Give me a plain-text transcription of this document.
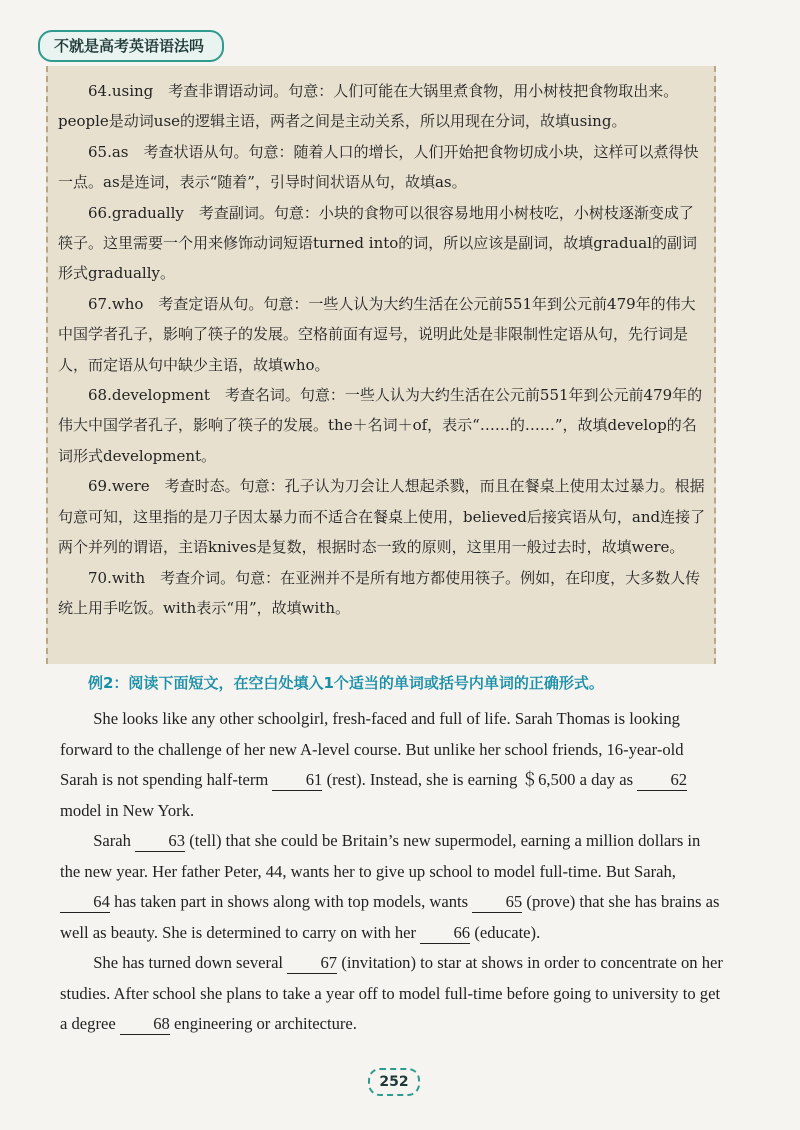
不就是高考英语语法吗

64.using　考查非谓语动词。句意：人们可能在大锅里煮食物，用小树枝把食物取出来。people是动词use的逻辑主语，两者之间是主动关系，所以用现在分词，故填using。

65.as　考查状语从句。句意：随着人口的增长，人们开始把食物切成小块，这样可以煮得快一点。as是连词，表示“随着”，引导时间状语从句，故填as。

66.gradually　考查副词。句意：小块的食物可以很容易地用小树枝吃，小树枝逐渐变成了筷子。这里需要一个用来修饰动词短语turned into的词，所以应该是副词，故填gradual的副词形式gradually。

67.who　考查定语从句。句意：一些人认为大约生活在公元前551年到公元前479年的伟大中国学者孔子，影响了筷子的发展。空格前面有逗号，说明此处是非限制性定语从句，先行词是人，而定语从句中缺少主语，故填who。

68.development　考查名词。句意：一些人认为大约生活在公元前551年到公元前479年的伟大中国学者孔子，影响了筷子的发展。the＋名词＋of，表示“……的……”，故填develop的名词形式development。

69.were　考查时态。句意：孔子认为刀会让人想起杀戮，而且在餐桌上使用太过暴力。根据句意可知，这里指的是刀子因太暴力而不适合在餐桌上使用，believed后接宾语从句，and连接了两个并列的谓语，主语knives是复数，根据时态一致的原则，这里用一般过去时，故填were。

70.with　考查介词。句意：在亚洲并不是所有地方都使用筷子。例如，在印度，大多数人传统上用手吃饭。with表示“用”，故填with。

例2：阅读下面短文，在空白处填入1个适当的单词或括号内单词的正确形式。

She looks like any other schoolgirl, fresh-faced and full of life. Sarah Thomas is looking forward to the challenge of her new A-level course. But unlike her school friends, 16-year-old Sarah is not spending half-term 61 (rest). Instead, she is earning ＄6,500 a day as 62 model in New York.

Sarah 63 (tell) that she could be Britain’s new supermodel, earning a million dollars in the new year. Her father Peter, 44, wants her to give up school to model full-time. But Sarah, 64 has taken part in shows along with top models, wants 65 (prove) that she has brains as well as beauty. She is determined to carry on with her 66 (educate).

She has turned down several 67 (invitation) to star at shows in order to concentrate on her studies. After school she plans to take a year off to model full-time before going to university to get a degree 68 engineering or architecture.

252
